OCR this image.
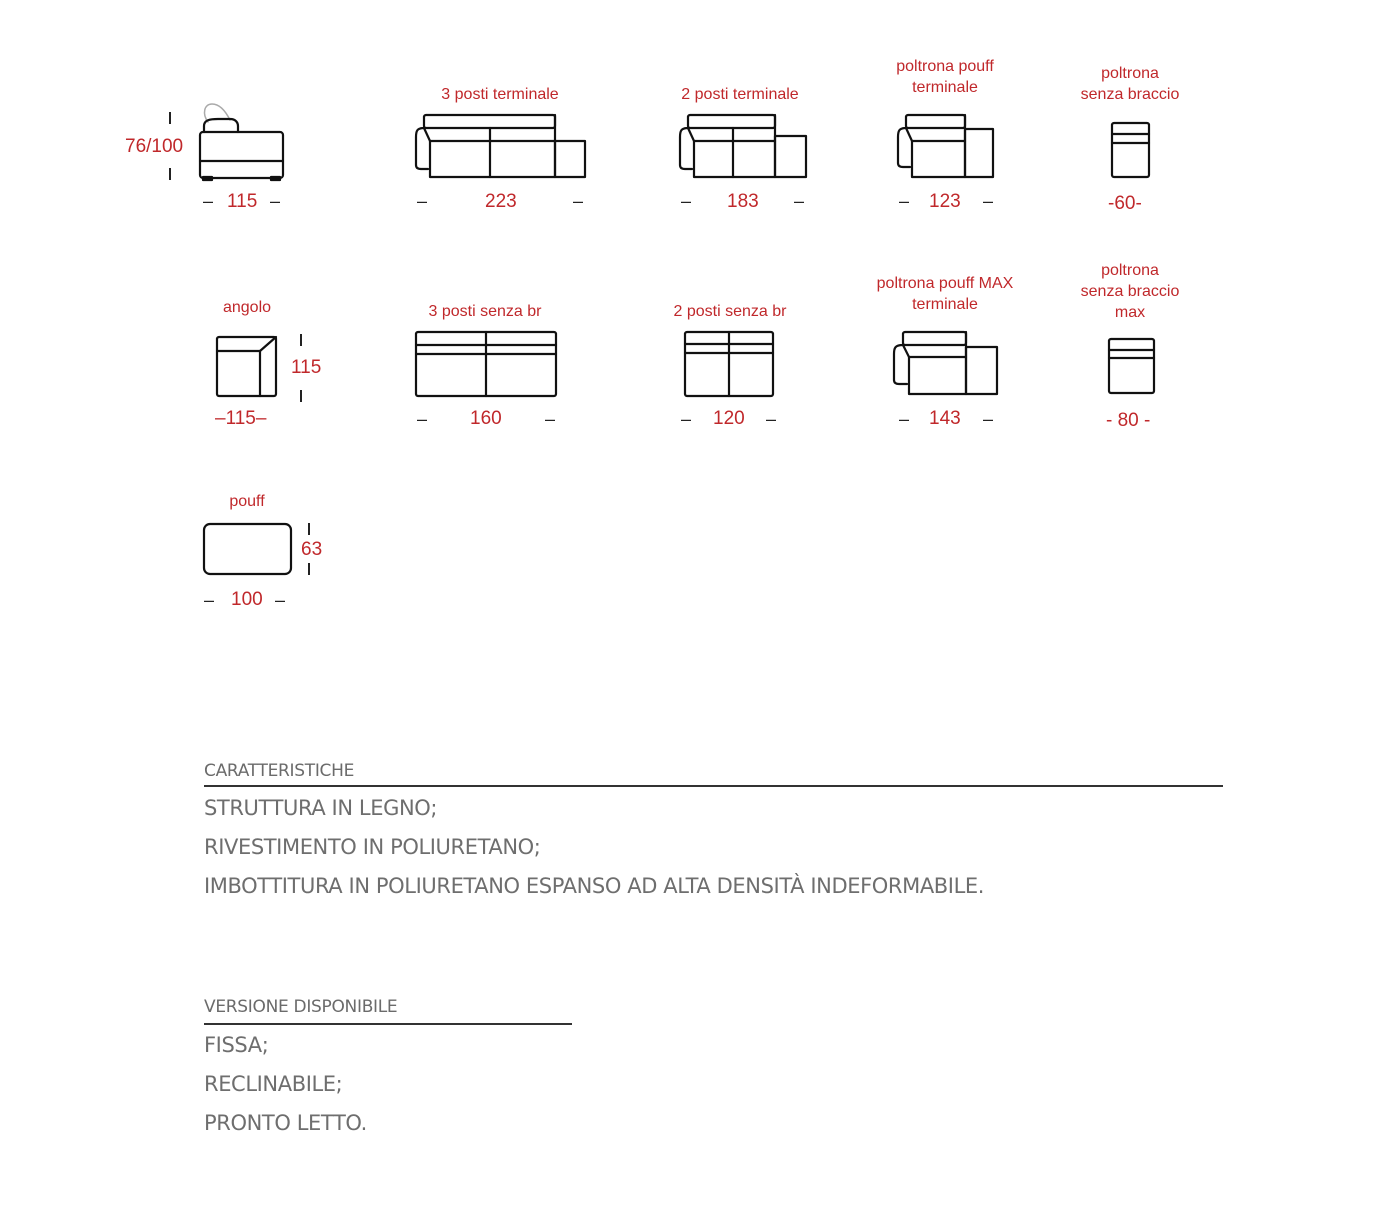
76/100
– 115 –
3 posti terminale
–	223	–
2 posti terminale
– 183 –
poltrona pouff
terminale
– 123 –
poltrona
senza braccio
-60-
angolo
115
–115–
3 posti senza br
– 160 –
2 posti senza br
– 120 –
poltrona pouff MAX
terminale
– 143 –
poltrona
senza braccio
max
- 80 -
pouff
63
– 100 –
CARATTERISTICHE
STRUTTURA IN LEGNO;
RIVESTIMENTO IN POLIURETANO;
IMBOTTITURA IN POLIURETANO ESPANSO AD ALTA DENSITÀ INDEFORMABILE.
VERSIONE DISPONIBILE
FISSA;
RECLINABILE;
PRONTO LETTO.
